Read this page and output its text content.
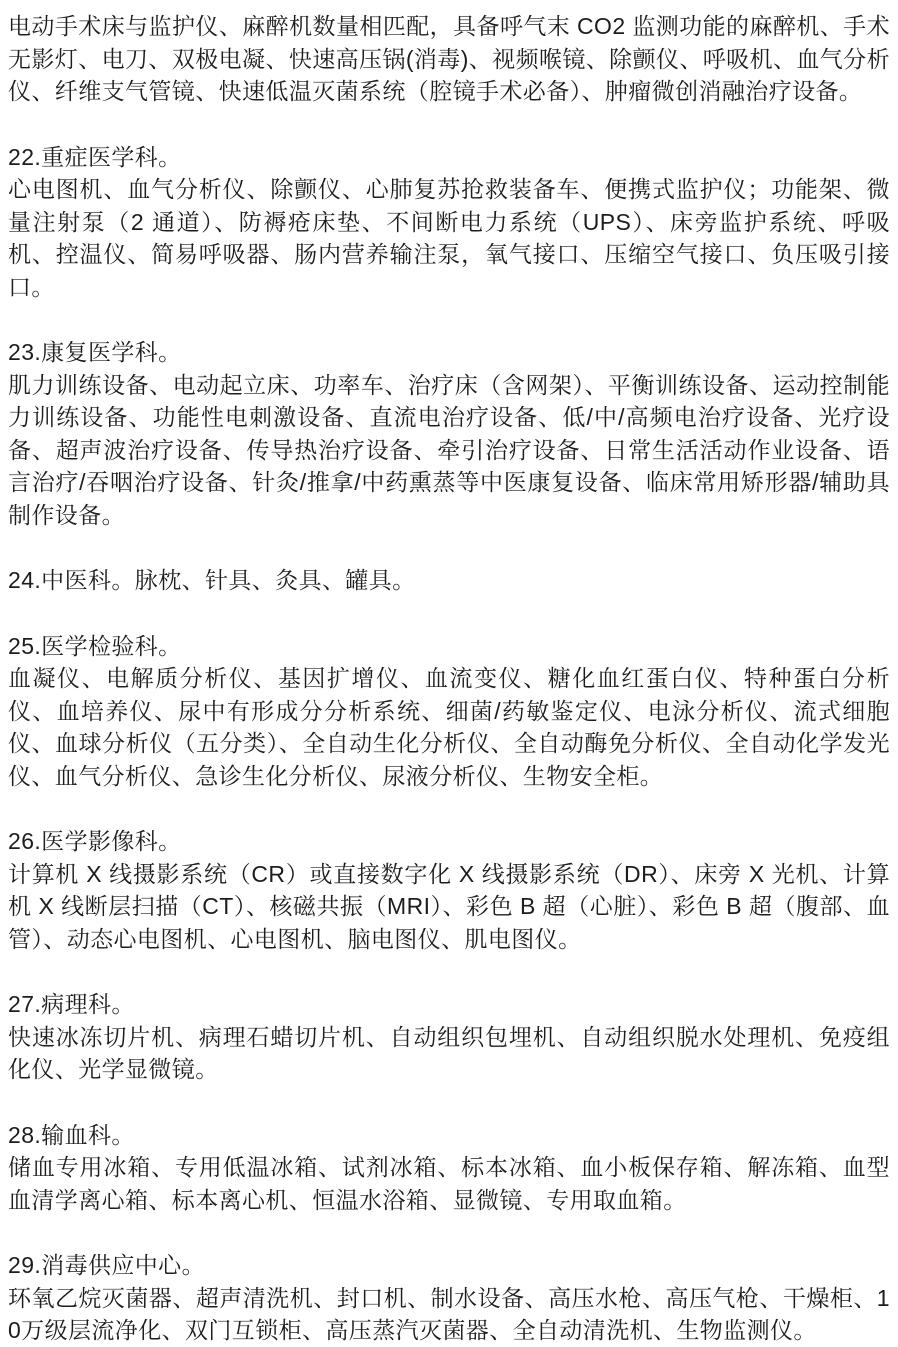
电动手术床与监护仪、麻醉机数量相匹配，具备呼气末 CO2 监测功能的麻醉机、手术无影灯、电刀、双极电凝、快速高压锅(消毒)、视频喉镜、除颤仪、呼吸机、血气分析仪、纤维支气管镜、快速低温灭菌系统（腔镜手术必备）、肿瘤微创消融治疗设备。

22.重症医学科。

心电图机、血气分析仪、除颤仪、心肺复苏抢救装备车、便携式监护仪；功能架、微量注射泵（2 通道）、防褥疮床垫、不间断电力系统（UPS）、床旁监护系统、呼吸机、控温仪、简易呼吸器、肠内营养输注泵，氧气接口、压缩空气接口、负压吸引接口。

23.康复医学科。

肌力训练设备、电动起立床、功率车、治疗床（含网架）、平衡训练设备、运动控制能力训练设备、功能性电刺激设备、直流电治疗设备、低/中/高频电治疗设备、光疗设备、超声波治疗设备、传导热治疗设备、牵引治疗设备、日常生活活动作业设备、语言治疗/吞咽治疗设备、针灸/推拿/中药熏蒸等中医康复设备、临床常用矫形器/辅助具制作设备。

24.中医科。脉枕、针具、灸具、罐具。

25.医学检验科。

血凝仪、电解质分析仪、基因扩增仪、血流变仪、糖化血红蛋白仪、特种蛋白分析仪、血培养仪、尿中有形成分分析系统、细菌/药敏鉴定仪、电泳分析仪、流式细胞仪、血球分析仪（五分类）、全自动生化分析仪、全自动酶免分析仪、全自动化学发光仪、血气分析仪、急诊生化分析仪、尿液分析仪、生物安全柜。

26.医学影像科。

计算机 X 线摄影系统（CR）或直接数字化 X 线摄影系统（DR）、床旁 X 光机、计算机 X 线断层扫描（CT）、核磁共振（MRI）、彩色 B 超（心脏）、彩色 B 超（腹部、血管）、动态心电图机、心电图机、脑电图仪、肌电图仪。

27.病理科。

快速冰冻切片机、病理石蜡切片机、自动组织包埋机、自动组织脱水处理机、免疫组化仪、光学显微镜。

28.输血科。

储血专用冰箱、专用低温冰箱、试剂冰箱、标本冰箱、血小板保存箱、解冻箱、血型血清学离心箱、标本离心机、恒温水浴箱、显微镜、专用取血箱。

29.消毒供应中心。

环氧乙烷灭菌器、超声清洗机、封口机、制水设备、高压水枪、高压气枪、干燥柜、10万级层流净化、双门互锁柜、高压蒸汽灭菌器、全自动清洗机、生物监测仪。
